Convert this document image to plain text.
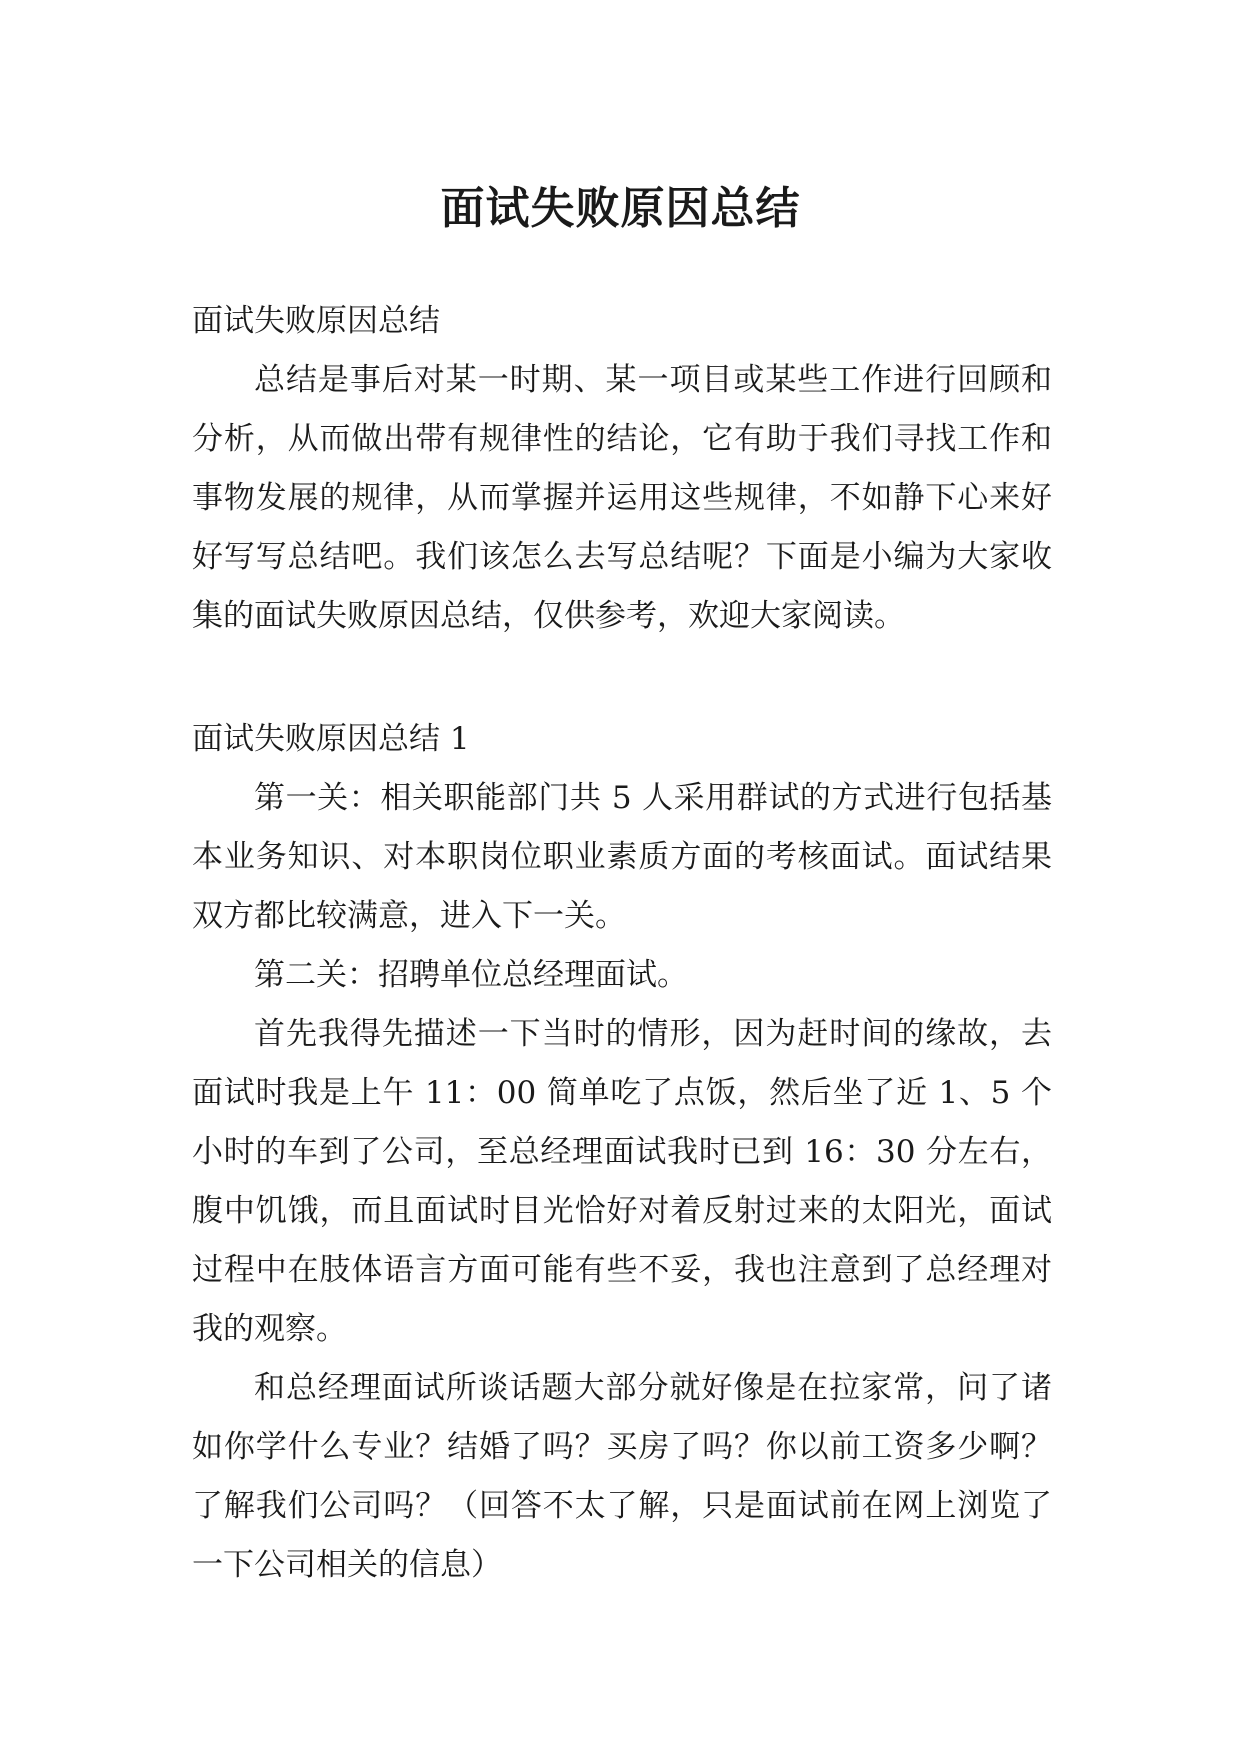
面试失败原因总结

面试失败原因总结

总结是事后对某一时期、某一项目或某些工作进行回顾和分析，从而做出带有规律性的结论，它有助于我们寻找工作和事物发展的规律，从而掌握并运用这些规律，不如静下心来好好写写总结吧。我们该怎么去写总结呢？下面是小编为大家收集的面试失败原因总结，仅供参考，欢迎大家阅读。

面试失败原因总结 1

第一关：相关职能部门共 5 人采用群试的方式进行包括基本业务知识、对本职岗位职业素质方面的考核面试。面试结果双方都比较满意，进入下一关。

第二关：招聘单位总经理面试。

首先我得先描述一下当时的情形，因为赶时间的缘故，去面试时我是上午 11：00 简单吃了点饭，然后坐了近 1、5 个小时的车到了公司，至总经理面试我时已到 16：30 分左右，腹中饥饿，而且面试时目光恰好对着反射过来的太阳光，面试过程中在肢体语言方面可能有些不妥，我也注意到了总经理对我的观察。

和总经理面试所谈话题大部分就好像是在拉家常，问了诸如你学什么专业？结婚了吗？买房了吗？你以前工资多少啊？了解我们公司吗？（回答不太了解，只是面试前在网上浏览了一下公司相关的信息）
